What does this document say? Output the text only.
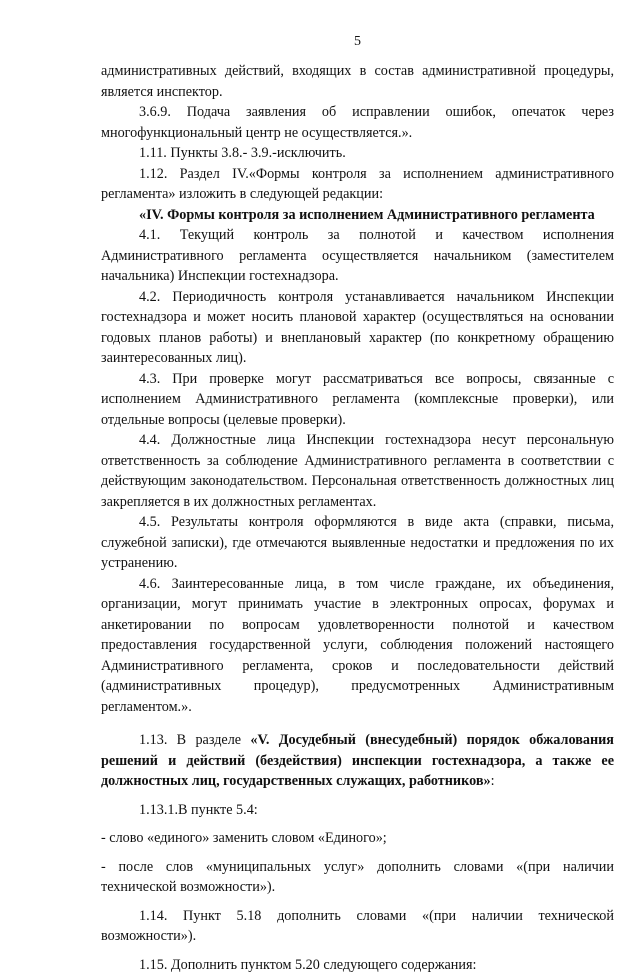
5

административных действий, входящих в состав административной процедуры, является инспектор.

3.6.9. Подача заявления об исправлении ошибок, опечаток через многофункциональный центр не осуществляется.».

1.11. Пункты 3.8.- 3.9.-исключить.

1.12. Раздел IV.«Формы контроля за исполнением административного регламента» изложить в следующей редакции:

«IV. Формы контроля за исполнением Административного регламента

4.1. Текущий контроль за полнотой и качеством исполнения Административного регламента осуществляется начальником (заместителем начальника) Инспекции гостехнадзора.

4.2. Периодичность контроля устанавливается начальником Инспекции гостехнадзора и может носить плановой характер (осуществляться на основании годовых планов работы) и внеплановый характер (по конкретному обращению заинтересованных лиц).

4.3. При проверке могут рассматриваться все вопросы, связанные с исполнением Административного регламента (комплексные проверки), или отдельные вопросы (целевые проверки).

4.4. Должностные лица Инспекции гостехнадзора несут персональную ответственность за соблюдение Административного регламента в соответствии с действующим законодательством. Персональная ответственность должностных лиц закрепляется в их должностных регламентах.

4.5. Результаты контроля оформляются в виде акта (справки, письма, служебной записки), где отмечаются выявленные недостатки и предложения по их устранению.

4.6. Заинтересованные лица, в том числе граждане, их объединения, организации, могут принимать участие в электронных опросах, форумах и анкетировании по вопросам удовлетворенности полнотой и качеством предоставления государственной услуги, соблюдения положений настоящего Административного регламента, сроков и последовательности действий (административных процедур), предусмотренных Административным регламентом.».

1.13. В разделе «V. Досудебный (внесудебный) порядок обжалования решений и действий (бездействия) инспекции гостехнадзора, а также ее должностных лиц, государственных служащих, работников»:

1.13.1.В пункте 5.4:

- слово «единого» заменить словом «Единого»;

- после слов «муниципальных услуг» дополнить словами «(при наличии технической возможности»).

1.14. Пункт 5.18 дополнить словами «(при наличии технической возможности»).

1.15. Дополнить пунктом 5.20 следующего содержания:
